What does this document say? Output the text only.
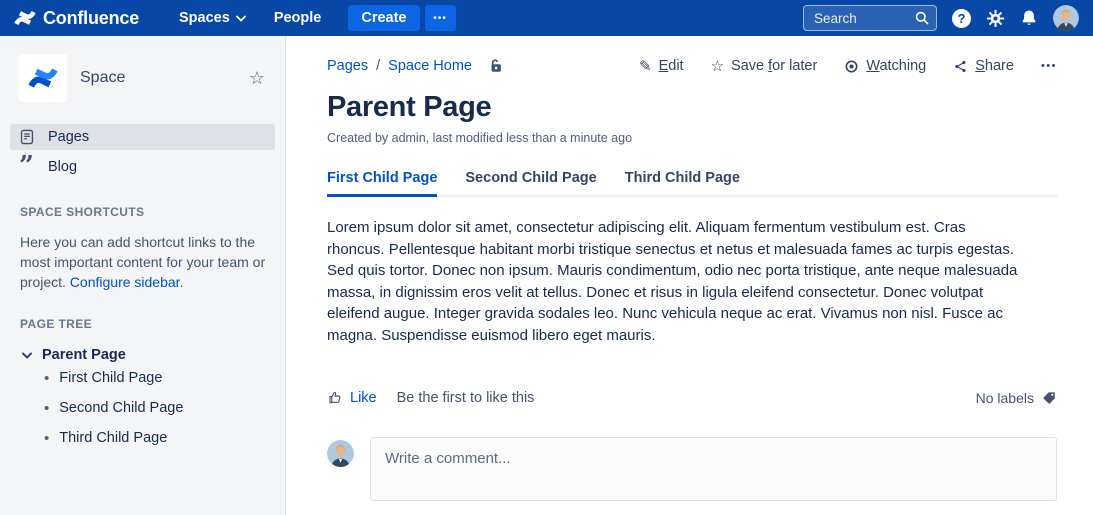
Confluence	Spaces	People	Create	•••
Search	?
Space	☆
Pages
” Blog
SPACE SHORTCUTS
Here you can add shortcut links to the most important content for your team or project. Configure sidebar.
PAGE TREE
Parent Page
• First Child Page
• Second Child Page
• Third Child Page
Pages / Space Home	✎ Edit ☆ Save for later	Watching	Share •••
Parent Page
Created by admin, last modified less than a minute ago
First Child Page Second Child Page Third Child Page
Lorem ipsum dolor sit amet, consectetur adipiscing elit. Aliquam fermentum vestibulum est. Cras rhoncus. Pellentesque habitant morbi tristique senectus et netus et malesuada fames ac turpis egestas. Sed quis tortor. Donec non ipsum. Mauris condimentum, odio nec porta tristique, ante neque malesuada massa, in dignissim eros velit at tellus. Donec et risus in ligula eleifend consectetur. Donec volutpat eleifend augue. Integer gravida sodales leo. Nunc vehicula neque ac erat. Vivamus non nisl. Fusce ac magna. Suspendisse euismod libero eget mauris.
Like Be the first to like this	No labels
Write a comment...
